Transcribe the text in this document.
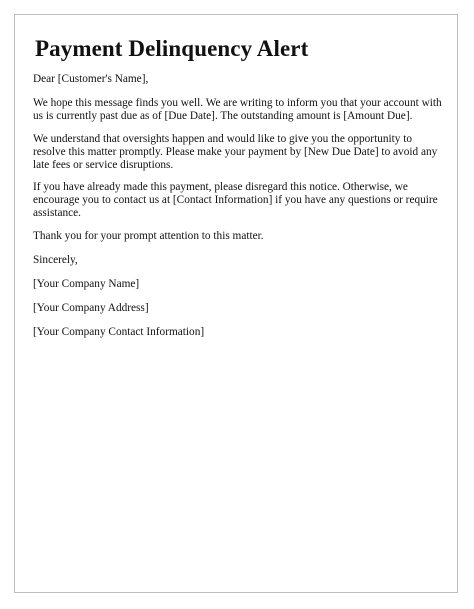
Payment Delinquency Alert

Dear [Customer's Name],

We hope this message finds you well. We are writing to inform you that your account with us is currently past due as of [Due Date]. The outstanding amount is [Amount Due].

We understand that oversights happen and would like to give you the opportunity to resolve this matter promptly. Please make your payment by [New Due Date] to avoid any late fees or service disruptions.

If you have already made this payment, please disregard this notice. Otherwise, we encourage you to contact us at [Contact Information] if you have any questions or require assistance.

Thank you for your prompt attention to this matter.

Sincerely,

[Your Company Name]

[Your Company Address]

[Your Company Contact Information]
